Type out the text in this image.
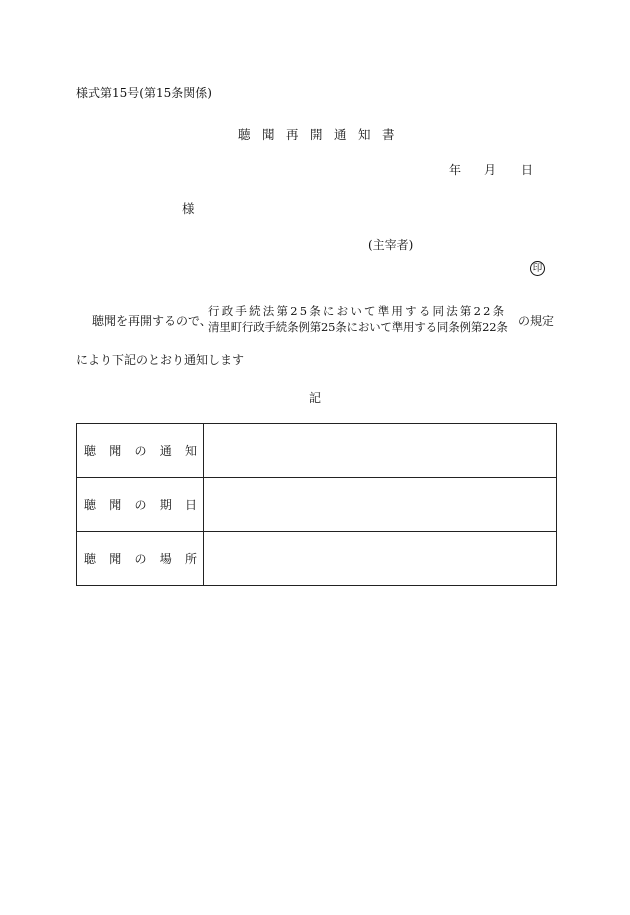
様式第15号(第15条関係)
聴聞再開通知書
年 月 日
様
(主宰者)
印
聴聞を再開するので、
行政手続法第25条において準用する同法第22条
清里町行政手続条例第25条において準用する同条例第22条 の規定
により下記のとおり通知します
記
聴聞の通知	
聴聞の期日	
聴聞の場所	
